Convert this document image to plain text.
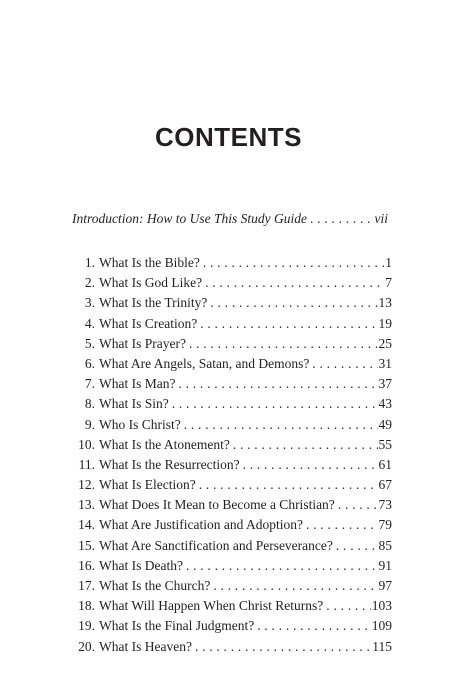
CONTENTS
Introduction: How to Use This Study Guide . . .	vii
1. What Is the Bible? . . .	1
2. What Is God Like? . . .	7
3. What Is the Trinity? . . .	13
4. What Is Creation? . . .	19
5. What Is Prayer? . . .	25
6. What Are Angels, Satan, and Demons? . . .	31
7. What Is Man? . . .	37
8. What Is Sin? . . .	43
9. Who Is Christ? . . .	49
10. What Is the Atonement? . . .	55
11. What Is the Resurrection? . . .	61
12. What Is Election? . . .	67
13. What Does It Mean to Become a Christian? . . .	73
14. What Are Justification and Adoption? . . .	79
15. What Are Sanctification and Perseverance? . . .	85
16. What Is Death? . . .	91
17. What Is the Church? . . .	97
18. What Will Happen When Christ Returns? . . .	103
19. What Is the Final Judgment? . . .	109
20. What Is Heaven? . . .	115
